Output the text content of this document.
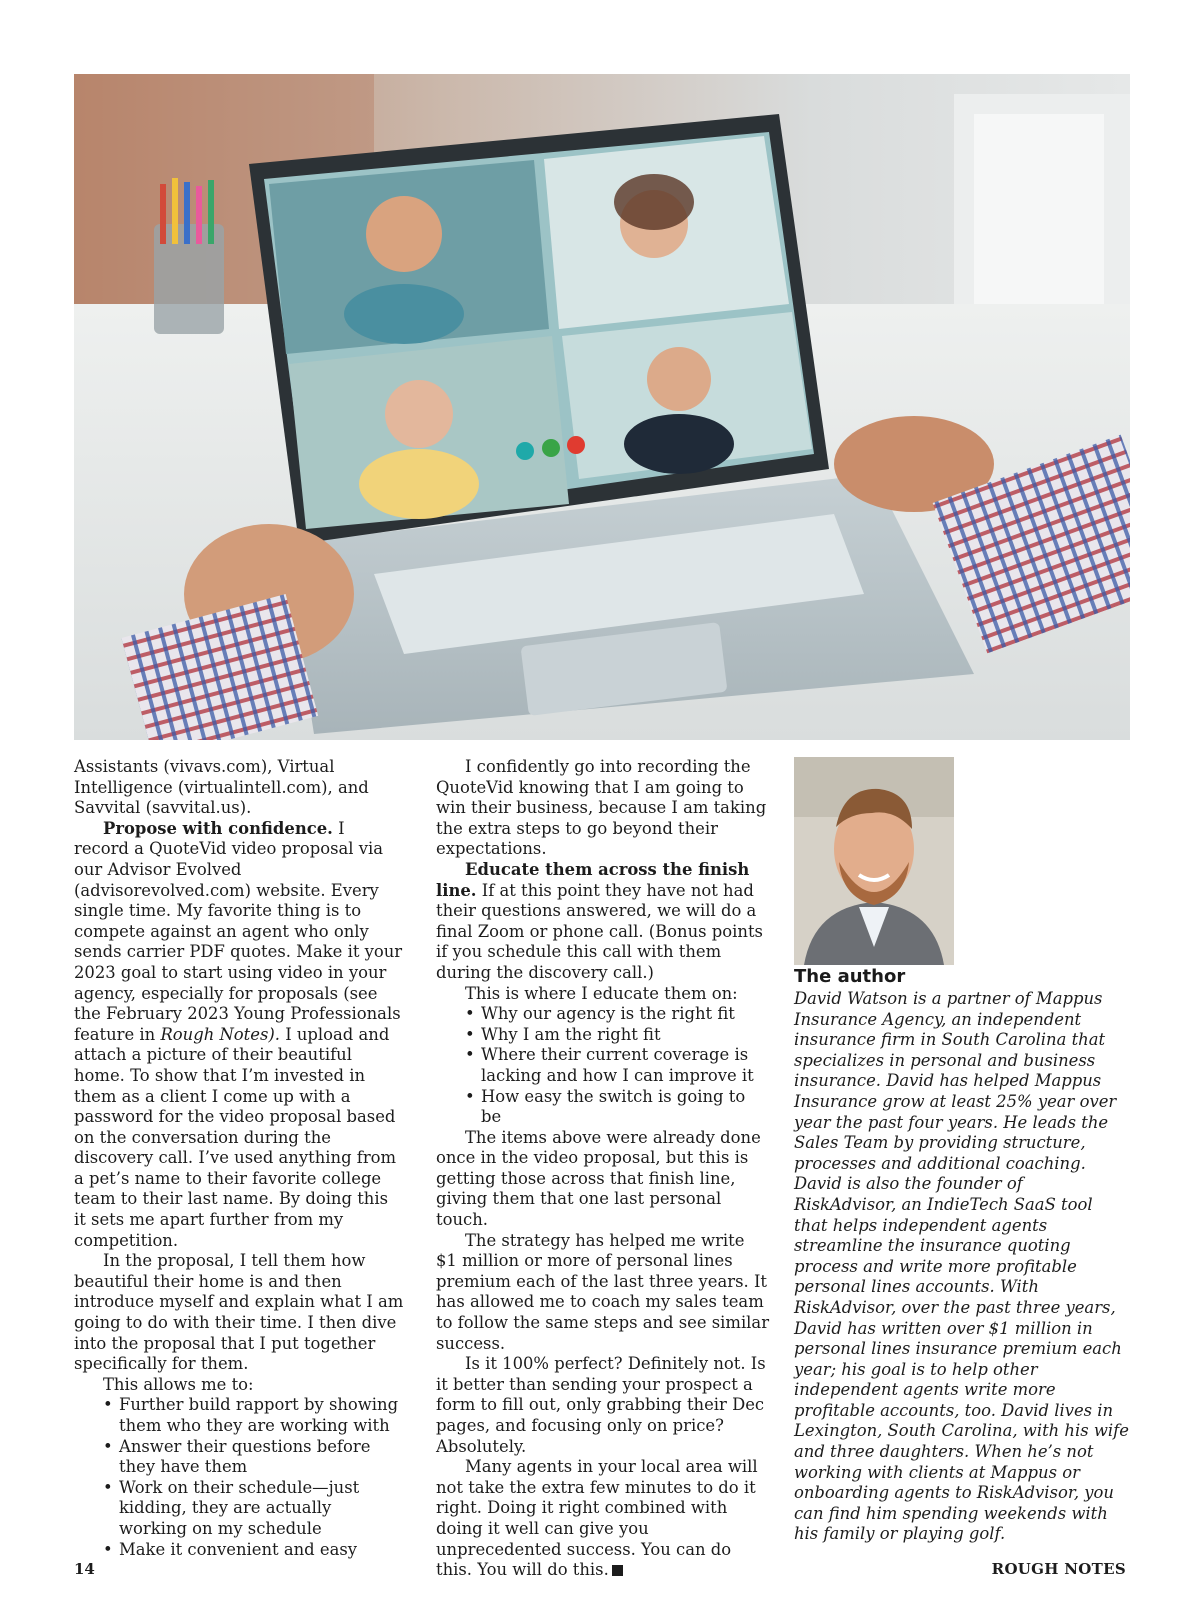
Assistants (vivavs.com), Virtual Intelligence (virtualintell.com), and Savvital (savvital.us).

Propose with confidence. I record a QuoteVid video proposal via our Advisor Evolved (advisorevolved.com) website. Every single time. My favorite thing is to compete against an agent who only sends carrier PDF quotes. Make it your 2023 goal to start using video in your agency, especially for proposals (see the February 2023 Young Professionals feature in Rough Notes). I upload and attach a picture of their beautiful home. To show that I’m invested in them as a client I come up with a password for the video proposal based on the conversation during the discovery call. I’ve used anything from a pet’s name to their favorite college team to their last name. By doing this it sets me apart further from my competition.

In the proposal, I tell them how beautiful their home is and then introduce myself and explain what I am going to do with their time. I then dive into the proposal that I put together specifically for them.

This allows me to:

• Further build rapport by showing them who they are working with
• Answer their questions before they have them
• Work on their schedule—just kidding, they are actually working on my schedule
• Make it convenient and easy

I confidently go into recording the QuoteVid knowing that I am going to win their business, because I am taking the extra steps to go beyond their expectations.

Educate them across the finish line. If at this point they have not had their questions answered, we will do a final Zoom or phone call. (Bonus points if you schedule this call with them during the discovery call.)

This is where I educate them on:

• Why our agency is the right fit
• Why I am the right fit
• Where their current coverage is lacking and how I can improve it
• How easy the switch is going to be

The items above were already done once in the video proposal, but this is getting those across that finish line, giving them that one last personal touch.

The strategy has helped me write $1 million or more of personal lines premium each of the last three years. It has allowed me to coach my sales team to follow the same steps and see similar success.

Is it 100% perfect? Definitely not. Is it better than sending your prospect a form to fill out, only grabbing their Dec pages, and focusing only on price? Absolutely.

Many agents in your local area will not take the extra few minutes to do it right. Doing it right combined with doing it well can give you unprecedented success. You can do this. You will do this.

The author

David Watson is a partner of Mappus Insurance Agency, an independent insurance firm in South Carolina that specializes in personal and business insurance. David has helped Mappus Insurance grow at least 25% year over year the past four years. He leads the Sales Team by providing structure, processes and additional coaching.

David is also the founder of RiskAdvisor, an IndieTech SaaS tool that helps independent agents streamline the insurance quoting process and write more profitable personal lines accounts. With RiskAdvisor, over the past three years, David has written over $1 million in personal lines insurance premium each year; his goal is to help other independent agents write more profitable accounts, too. David lives in Lexington, South Carolina, with his wife and three daughters. When he’s not working with clients at Mappus or onboarding agents to RiskAdvisor, you can find him spending weekends with his family or playing golf.

14	ROUGH NOTES
